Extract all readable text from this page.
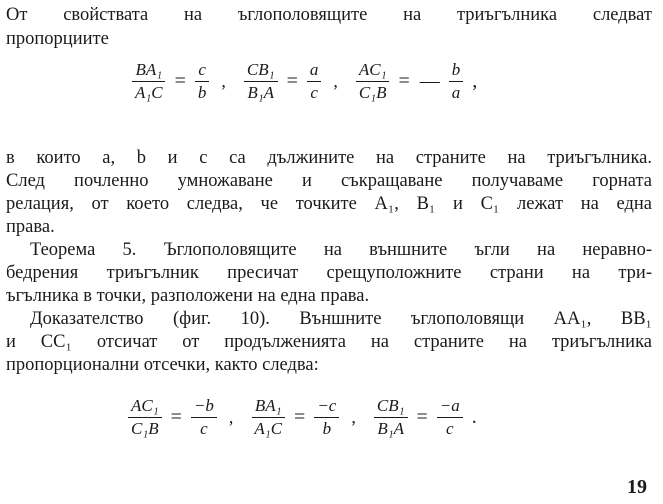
От свойствата на ъглополовящите на триъгълника следват
пропорциите
$\frac{\text{BA₁}}{\text{A₁C}} = \frac{c}{b}$ , $\frac{\text{CB₁}}{\text{B₁A}} = \frac{a}{c}$ , $\frac{\text{AC₁}}{\text{C₁B}}$ = — $\frac{b}{a}$ ,
в които a, b и c са дължините на страните на триъгълника.
След почленно умножаване и съкращаване получаваме горната
релация, от което следва, че точките A₁, B₁ и C₁ лежат на една
права.
Теорема 5. Ъглополовящите на външните ъгли на неравно-
бедрения триъгълник пресичат срещуположните страни на три-
ъгълника в точки, разположени на една права.
Доказателство (фиг. 10). Външните ъглополовящи AA₁, BB₁
и CC₁ отсичат от продълженията на страните на триъгълника
пропорционални отсечки, както следва:
$\frac{\text{AC₁}}{\text{C₁B}} = \frac{-b}{c}$ , $\frac{\text{BA₁}}{\text{A₁C}} = \frac{-c}{b}$ , $\frac{\text{CB₁}}{\text{B₁A}} = \frac{-a}{c}$ .
19
